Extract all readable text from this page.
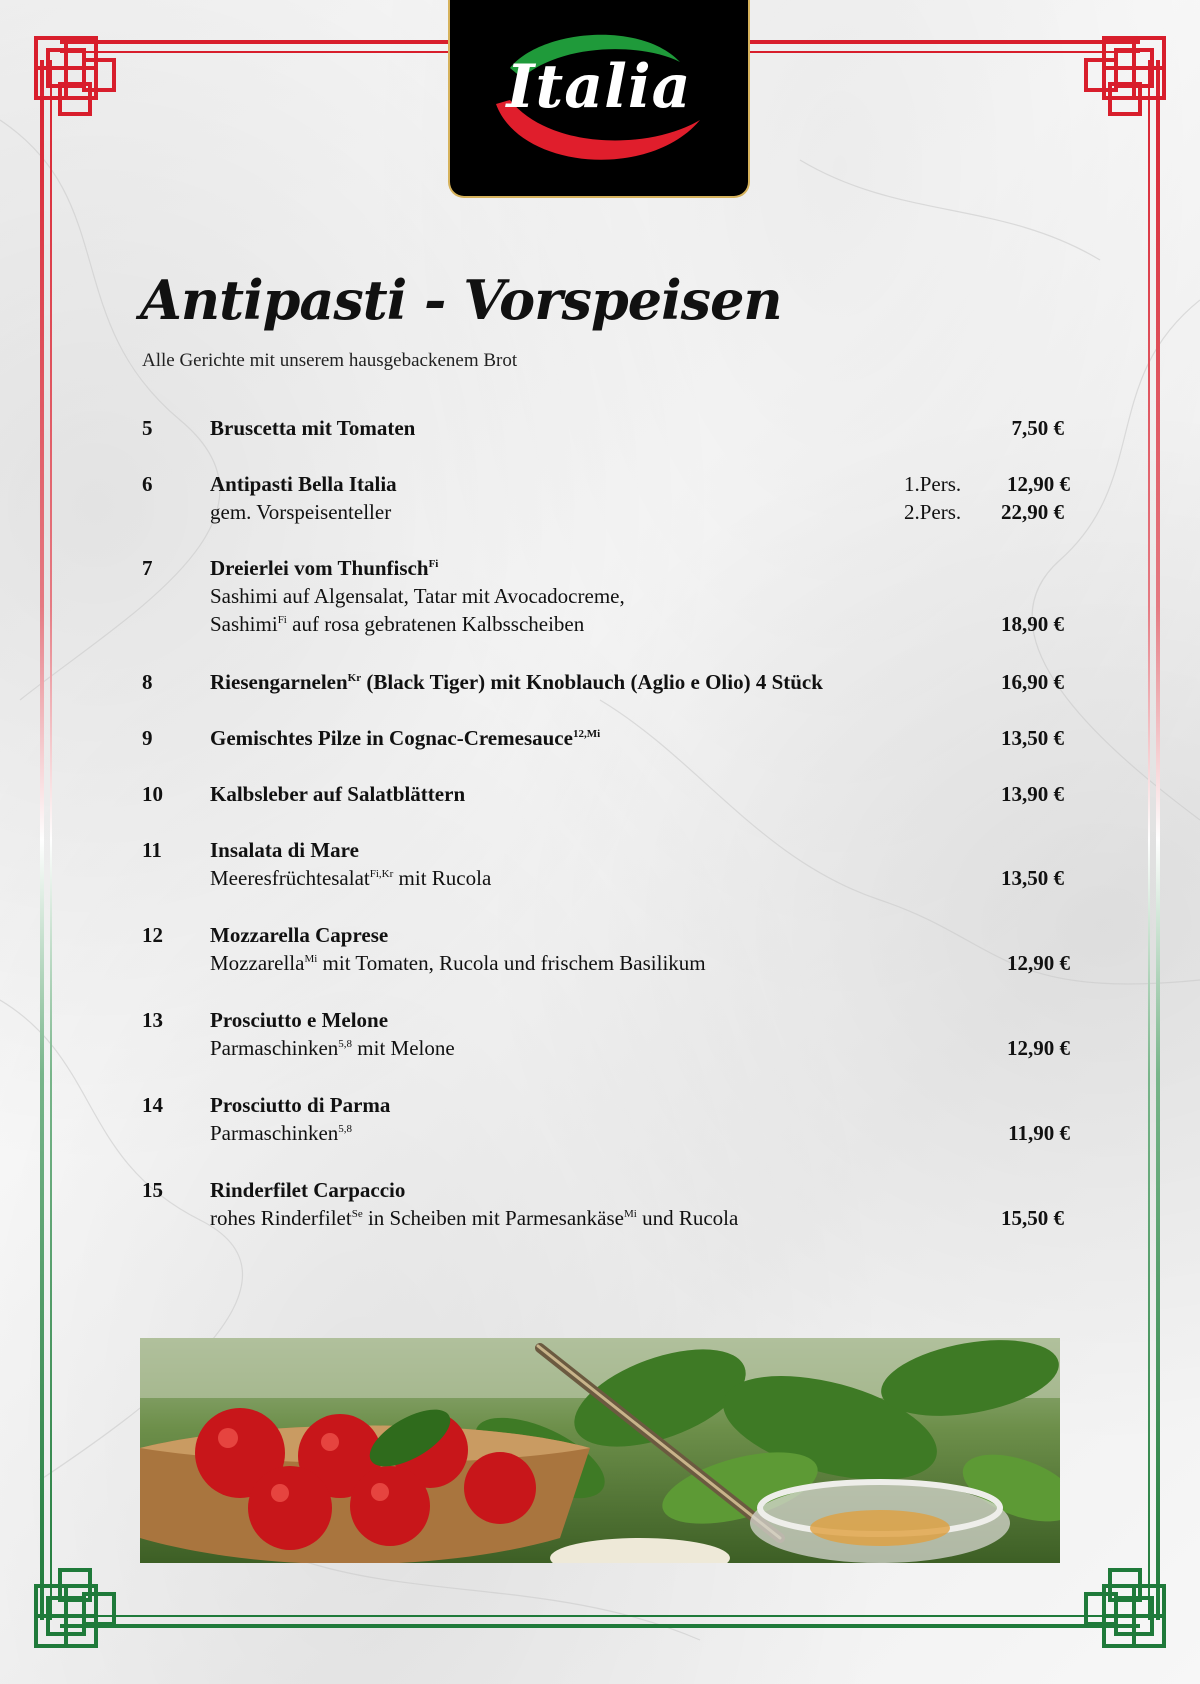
Italia
Antipasti - Vorspeisen
Alle Gerichte mit unserem hausgebackenem Brot
5	Bruscetta mit Tomaten	7,50 €
6	Antipasti Bella Italia
gem. Vorspeisenteller
1.Pers. 12,90 €
2.Pers. 22,90 €
7	Dreierlei vom Thunfisch$^{Fi}$
Sashimi auf Algensalat, Tatar mit Avocadocreme,
Sashimi$^{Fi}$ auf rosa gebratenen Kalbsscheiben	18,90 €
8	Riesengarnelen$^{Kr}$ (Black Tiger) mit Knoblauch (Aglio e Olio) 4 Stück	16,90 €
9	Gemischtes Pilze in Cognac-Cremesauce$^{12,Mi}$	13,50 €
10 Kalbsleber auf Salatblättern	13,90 €
11 Insalata di Mare
Meeresfrüchtesalat$^{Fi,Kr}$ mit Rucola	13,50 €
12 Mozzarella Caprese
Mozzarella$^{Mi}$ mit Tomaten, Rucola und frischem Basilikum	12,90 €
13 Prosciutto e Melone
Parmaschinken$^{5,8}$ mit Melone	12,90 €
14 Prosciutto di Parma
Parmaschinken$^{5,8}$	11,90 €
15 Rinderfilet Carpaccio
rohes Rinderfilet$^{Se}$ in Scheiben mit Parmesankäse$^{Mi}$ und Rucola	15,50 €
